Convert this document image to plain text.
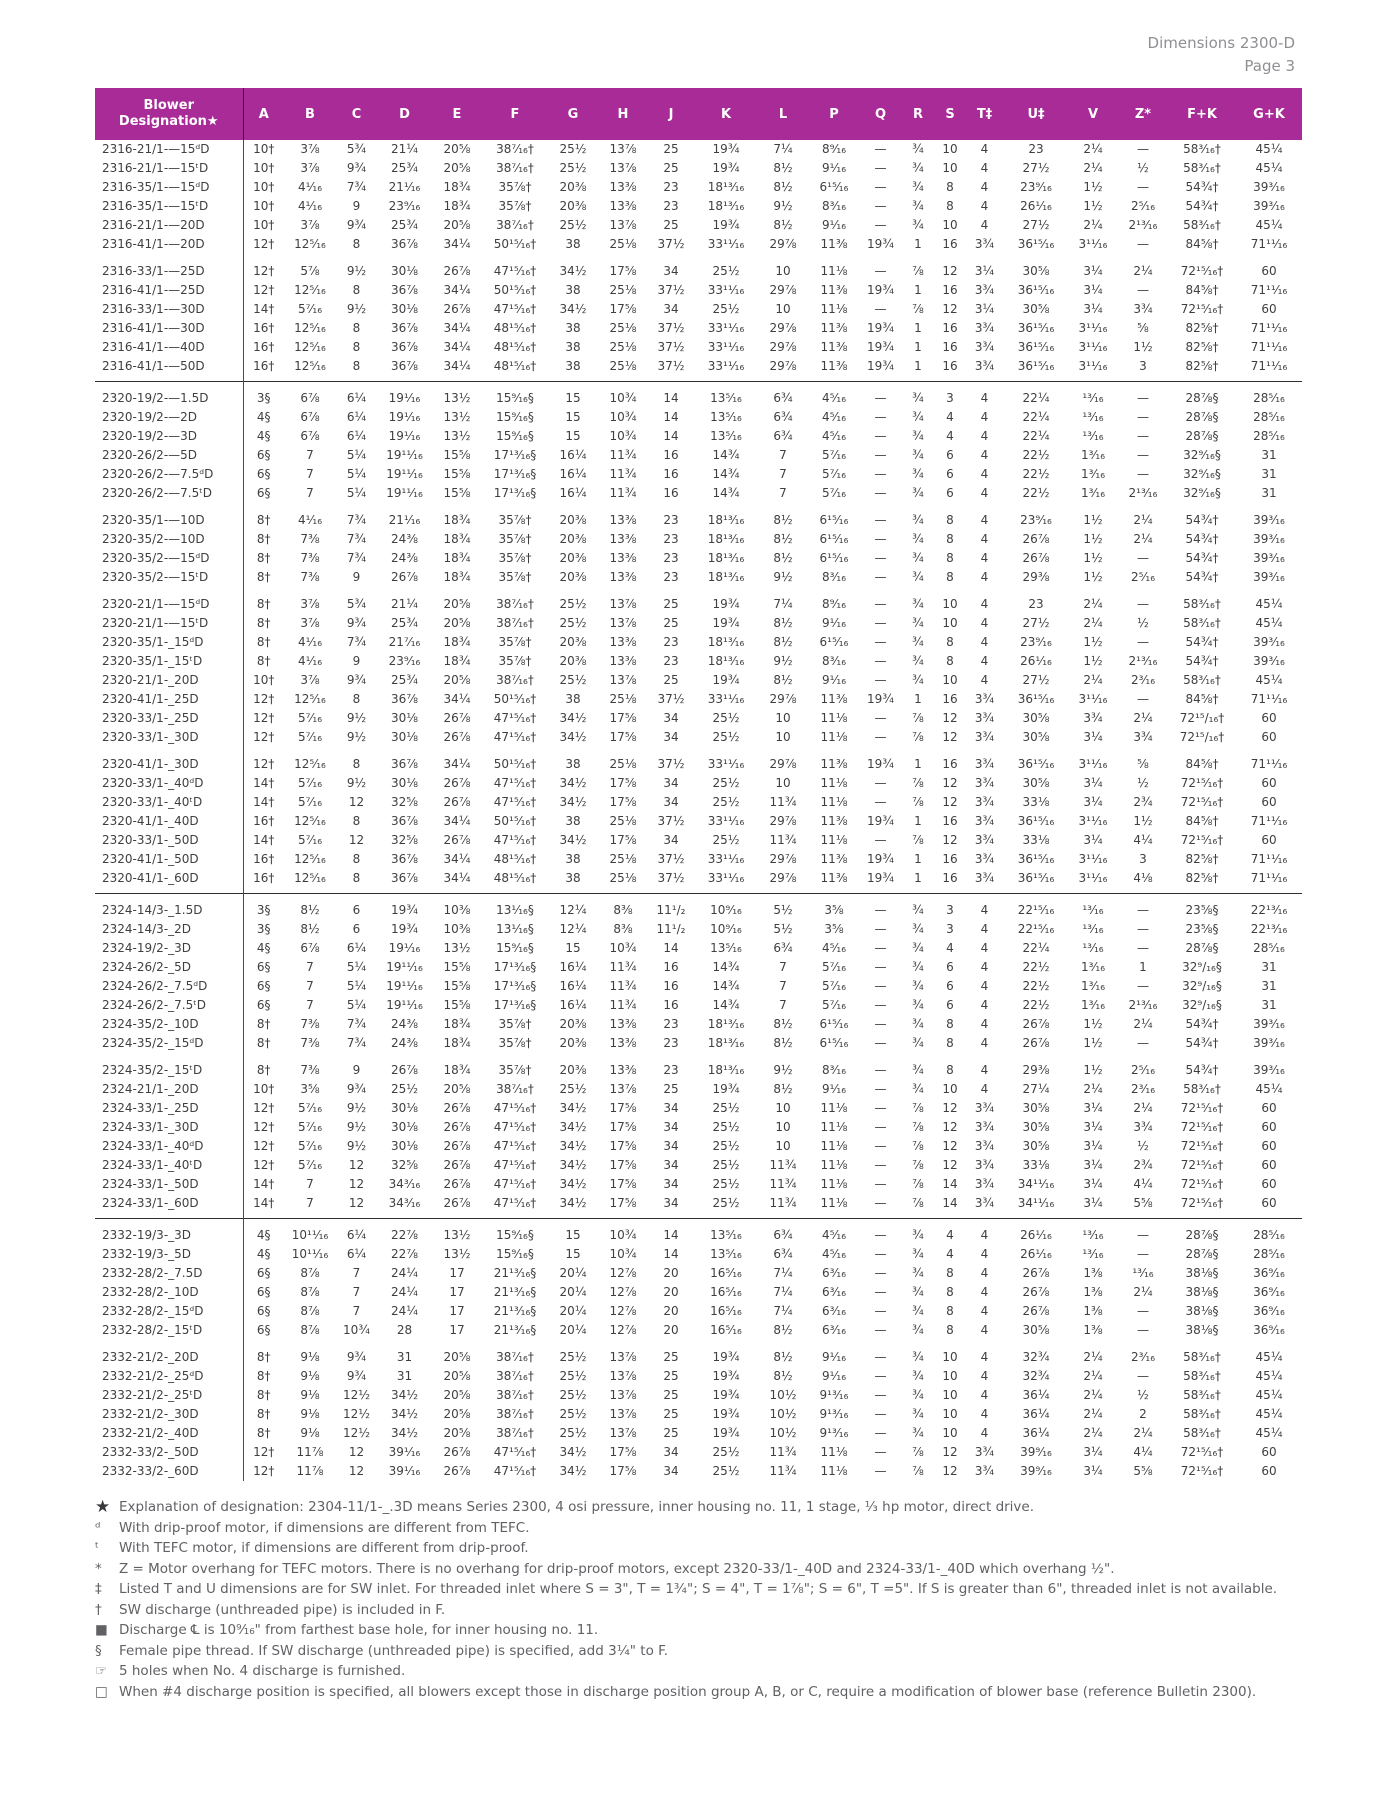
Dimensions 2300-D
Page 3
Blower
Designation★	A	B	C	D	E	F	G	H	J	K	L	P	Q	R	S	T‡	U‡	V	Z*	F+K	G+K
2316-21/1-—15ᵈD	10†	3⅞	5¾	21¼	20⅝	38⁷⁄₁₆†	25½	13⅞	25	19¾	7¼	8⁹⁄₁₆	—	¾	10	4	23	2¼	—	58³⁄₁₆†	45¼
2316-21/1-—15ᵗD	10†	3⅞	9¾	25¾	20⅝	38⁷⁄₁₆†	25½	13⅞	25	19¾	8½	9¹⁄₁₆	—	¾	10	4	27½	2¼	½	58³⁄₁₆†	45¼
2316-35/1-—15ᵈD	10†	4¹⁄₁₆	7¾	21¹⁄₁₆	18¾	35⅞†	20⅜	13⅜	23	18¹³⁄₁₆	8½	6¹⁵⁄₁₆	—	¾	8	4	23⁹⁄₁₆	1½	—	54¾†	39³⁄₁₆
2316-35/1-—15ᵗD	10†	4¹⁄₁₆	9	23⁹⁄₁₆	18¾	35⅞†	20⅜	13⅜	23	18¹³⁄₁₆	9½	8³⁄₁₆	—	¾	8	4	26¹⁄₁₆	1½	2⁵⁄₁₆	54¾†	39³⁄₁₆
2316-21/1-—20D	10†	3⅞	9¾	25¾	20⅝	38⁷⁄₁₆†	25½	13⅞	25	19¾	8½	9¹⁄₁₆	—	¾	10	4	27½	2¼	2¹³⁄₁₆	58³⁄₁₆†	45¼
2316-41/1-—20D	12†	12⁵⁄₁₆	8	36⅞	34¼	50¹⁵⁄₁₆†	38	25⅛	37½	33¹¹⁄₁₆	29⅞	11⅜	19¾	1	16	3¾	36¹⁵⁄₁₆	3¹¹⁄₁₆	—	84⅝†	71¹¹⁄₁₆

2316-33/1-—25D	12†	5⅞	9½	30⅛	26⅞	47¹⁵⁄₁₆†	34½	17⅝	34	25½	10	11⅛	—	⅞	12	3¼	30⅝	3¼	2¼	72¹⁵⁄₁₆†	60
2316-41/1-—25D	12†	12⁵⁄₁₆	8	36⅞	34¼	50¹⁵⁄₁₆†	38	25⅛	37½	33¹¹⁄₁₆	29⅞	11⅜	19¾	1	16	3¾	36¹⁵⁄₁₆	3¼	—	84⅝†	71¹¹⁄₁₆
2316-33/1-—30D	14†	5⁷⁄₁₆	9½	30⅛	26⅞	47¹⁵⁄₁₆†	34½	17⅝	34	25½	10	11⅛	—	⅞	12	3¼	30⅝	3¼	3¾	72¹⁵⁄₁₆†	60
2316-41/1-—30D	16†	12⁵⁄₁₆	8	36⅞	34¼	48¹⁵⁄₁₆†	38	25⅛	37½	33¹¹⁄₁₆	29⅞	11⅜	19¾	1	16	3¾	36¹⁵⁄₁₆	3¹¹⁄₁₆	⅝	82⅝†	71¹¹⁄₁₆
2316-41/1-—40D	16†	12⁵⁄₁₆	8	36⅞	34¼	48¹⁵⁄₁₆†	38	25⅛	37½	33¹¹⁄₁₆	29⅞	11⅜	19¾	1	16	3¾	36¹⁵⁄₁₆	3¹¹⁄₁₆	1½	82⅝†	71¹¹⁄₁₆
2316-41/1-—50D	16†	12⁵⁄₁₆	8	36⅞	34¼	48¹⁵⁄₁₆†	38	25⅛	37½	33¹¹⁄₁₆	29⅞	11⅜	19¾	1	16	3¾	36¹⁵⁄₁₆	3¹¹⁄₁₆	3	82⅝†	71¹¹⁄₁₆

2320-19/2-—1.5D	3§	6⅞	6¼	19¹⁄₁₆	13½	15⁹⁄₁₆§	15	10¾	14	13⁵⁄₁₆	6¾	4⁵⁄₁₆	—	¾	3	4	22¼	¹³⁄₁₆	—	28⅞§	28⁵⁄₁₆
2320-19/2-—2D	4§	6⅞	6¼	19¹⁄₁₆	13½	15⁹⁄₁₆§	15	10¾	14	13⁵⁄₁₆	6¾	4⁵⁄₁₆	—	¾	4	4	22¼	¹³⁄₁₆	—	28⅞§	28⁵⁄₁₆
2320-19/2-—3D	4§	6⅞	6¼	19¹⁄₁₆	13½	15⁹⁄₁₆§	15	10¾	14	13⁵⁄₁₆	6¾	4⁵⁄₁₆	—	¾	4	4	22¼	¹³⁄₁₆	—	28⅞§	28⁵⁄₁₆
2320-26/2-—5D	6§	7	5¼	19¹¹⁄₁₆	15⅝	17¹³⁄₁₆§	16¼	11¾	16	14¾	7	5⁷⁄₁₆	—	¾	6	4	22½	1³⁄₁₆	—	32⁹⁄₁₆§	31
2320-26/2-—7.5ᵈD	6§	7	5¼	19¹¹⁄₁₆	15⅝	17¹³⁄₁₆§	16¼	11¾	16	14¾	7	5⁷⁄₁₆	—	¾	6	4	22½	1³⁄₁₆	—	32⁹⁄₁₆§	31
2320-26/2-—7.5ᵗD	6§	7	5¼	19¹¹⁄₁₆	15⅝	17¹³⁄₁₆§	16¼	11¾	16	14¾	7	5⁷⁄₁₆	—	¾	6	4	22½	1³⁄₁₆	2¹³⁄₁₆	32⁹⁄₁₆§	31

2320-35/1-—10D	8†	4¹⁄₁₆	7¾	21¹⁄₁₆	18¾	35⅞†	20⅜	13⅜	23	18¹³⁄₁₆	8½	6¹⁵⁄₁₆	—	¾	8	4	23⁹⁄₁₆	1½	2¼	54¾†	39³⁄₁₆
2320-35/2-—10D	8†	7⅜	7¾	24⅜	18¾	35⅞†	20⅜	13⅜	23	18¹³⁄₁₆	8½	6¹⁵⁄₁₆	—	¾	8	4	26⅞	1½	2¼	54¾†	39³⁄₁₆
2320-35/2-—15ᵈD	8†	7⅜	7¾	24⅜	18¾	35⅞†	20⅜	13⅜	23	18¹³⁄₁₆	8½	6¹⁵⁄₁₆	—	¾	8	4	26⅞	1½	—	54¾†	39³⁄₁₆
2320-35/2-—15ᵗD	8†	7⅜	9	26⅞	18¾	35⅞†	20⅜	13⅜	23	18¹³⁄₁₆	9½	8³⁄₁₆	—	¾	8	4	29⅜	1½	2⁵⁄₁₆	54¾†	39³⁄₁₆

2320-21/1-—15ᵈD	8†	3⅞	5¾	21¼	20⅝	38⁷⁄₁₆†	25½	13⅞	25	19¾	7¼	8⁹⁄₁₆	—	¾	10	4	23	2¼	—	58³⁄₁₆†	45¼
2320-21/1-—15ᵗD	8†	3⅞	9¾	25¾	20⅝	38⁷⁄₁₆†	25½	13⅞	25	19¾	8½	9¹⁄₁₆	—	¾	10	4	27½	2¼	½	58³⁄₁₆†	45¼
2320-35/1-_15ᵈD	8†	4¹⁄₁₆	7¾	21⁷⁄₁₆	18¾	35⅞†	20⅜	13⅜	23	18¹³⁄₁₆	8½	6¹⁵⁄₁₆	—	¾	8	4	23⁹⁄₁₆	1½	—	54¾†	39³⁄₁₆
2320-35/1-_15ᵗD	8†	4¹⁄₁₆	9	23⁹⁄₁₆	18¾	35⅞†	20⅜	13⅜	23	18¹³⁄₁₆	9½	8³⁄₁₆	—	¾	8	4	26¹⁄₁₆	1½	2¹³⁄₁₆	54¾†	39³⁄₁₆
2320-21/1-_20D	10†	3⅞	9¾	25¾	20⅝	38⁷⁄₁₆†	25½	13⅞	25	19¾	8½	9¹⁄₁₆	—	¾	10	4	27½	2¼	2³⁄₁₆	58³⁄₁₆†	45¼
2320-41/1-_25D	12†	12⁵⁄₁₆	8	36⅞	34¼	50¹⁵⁄₁₆†	38	25⅛	37½	33¹¹⁄₁₆	29⅞	11⅜	19¾	1	16	3¾	36¹⁵⁄₁₆	3¹¹⁄₁₆	—	84⅝†	71¹¹⁄₁₆
2320-33/1-_25D	12†	5⁷⁄₁₆	9½	30⅛	26⅞	47¹⁵⁄₁₆†	34½	17⅝	34	25½	10	11⅛	—	⅞	12	3¾	30⅝	3¾	2¼	72¹⁵/₁₆†	60
2320-33/1-_30D	12†	5⁷⁄₁₆	9½	30⅛	26⅞	47¹⁵⁄₁₆†	34½	17⅝	34	25½	10	11⅛	—	⅞	12	3¾	30⅝	3¼	3¾	72¹⁵/₁₆†	60

2320-41/1-_30D	12†	12⁵⁄₁₆	8	36⅞	34¼	50¹⁵⁄₁₆†	38	25⅛	37½	33¹¹⁄₁₆	29⅞	11⅜	19¾	1	16	3¾	36¹⁵⁄₁₆	3¹¹⁄₁₆	⅝	84⅝†	71¹¹⁄₁₆
2320-33/1-_40ᵈD	14†	5⁷⁄₁₆	9½	30⅛	26⅞	47¹⁵⁄₁₆†	34½	17⅝	34	25½	10	11⅛	—	⅞	12	3¾	30⅝	3¼	½	72¹⁵⁄₁₆†	60
2320-33/1-_40ᵗD	14†	5⁷⁄₁₆	12	32⅝	26⅞	47¹⁵⁄₁₆†	34½	17⅝	34	25½	11¾	11⅛	—	⅞	12	3¾	33⅛	3¼	2¾	72¹⁵⁄₁₆†	60
2320-41/1-_40D	16†	12⁵⁄₁₆	8	36⅞	34¼	50¹⁵⁄₁₆†	38	25⅛	37½	33¹¹⁄₁₆	29⅞	11⅜	19¾	1	16	3¾	36¹⁵⁄₁₆	3¹¹⁄₁₆	1½	84⅝†	71¹¹⁄₁₆
2320-33/1-_50D	14†	5⁷⁄₁₆	12	32⅝	26⅞	47¹⁵⁄₁₆†	34½	17⅝	34	25½	11¾	11⅛	—	⅞	12	3¾	33⅛	3¼	4¼	72¹⁵⁄₁₆†	60
2320-41/1-_50D	16†	12⁵⁄₁₆	8	36⅞	34¼	48¹⁵⁄₁₆†	38	25⅛	37½	33¹¹⁄₁₆	29⅞	11⅜	19¾	1	16	3¾	36¹⁵⁄₁₆	3¹¹⁄₁₆	3	82⅝†	71¹¹⁄₁₆
2320-41/1-_60D	16†	12⁵⁄₁₆	8	36⅞	34¼	48¹⁵⁄₁₆†	38	25⅛	37½	33¹¹⁄₁₆	29⅞	11⅜	19¾	1	16	3¾	36¹⁵⁄₁₆	3¹¹⁄₁₆	4⅛	82⅝†	71¹¹⁄₁₆

2324-14/3-_1.5D	3§	8½	6	19¾	10⅜	13¹⁄₁₆§	12¼	8⅜	11¹/₂	10⁹⁄₁₆	5½	3⅝	—	¾	3	4	22¹⁵⁄₁₆	¹³⁄₁₆	—	23⅝§	22¹³⁄₁₆
2324-14/3-_2D	3§	8½	6	19¾	10⅜	13¹⁄₁₆§	12¼	8⅜	11¹/₂	10⁹⁄₁₆	5½	3⅝	—	¾	3	4	22¹⁵⁄₁₆	¹³⁄₁₆	—	23⅝§	22¹³⁄₁₆
2324-19/2-_3D	4§	6⅞	6¼	19¹⁄₁₆	13½	15⁹⁄₁₆§	15	10¾	14	13⁵⁄₁₆	6¾	4⁵⁄₁₆	—	¾	4	4	22¼	¹³⁄₁₆	—	28⅞§	28⁵⁄₁₆
2324-26/2-_5D	6§	7	5¼	19¹¹⁄₁₆	15⅝	17¹³⁄₁₆§	16¼	11¾	16	14¾	7	5⁷⁄₁₆	—	¾	6	4	22½	1³⁄₁₆	1	32⁹/₁₆§	31
2324-26/2-_7.5ᵈD	6§	7	5¼	19¹¹⁄₁₆	15⅝	17¹³⁄₁₆§	16¼	11¾	16	14¾	7	5⁷⁄₁₆	—	¾	6	4	22½	1³⁄₁₆	—	32⁹/₁₆§	31
2324-26/2-_7.5ᵗD	6§	7	5¼	19¹¹⁄₁₆	15⅝	17¹³⁄₁₆§	16¼	11¾	16	14¾	7	5⁷⁄₁₆	—	¾	6	4	22½	1³⁄₁₆	2¹³⁄₁₆	32⁹/₁₆§	31
2324-35/2-_10D	8†	7⅜	7¾	24⅜	18¾	35⅞†	20⅜	13⅜	23	18¹³⁄₁₆	8½	6¹⁵⁄₁₆	—	¾	8	4	26⅞	1½	2¼	54¾†	39³⁄₁₆
2324-35/2-_15ᵈD	8†	7⅜	7¾	24⅜	18¾	35⅞†	20⅜	13⅜	23	18¹³⁄₁₆	8½	6¹⁵⁄₁₆	—	¾	8	4	26⅞	1½	—	54¾†	39³⁄₁₆

2324-35/2-_15ᵗD	8†	7⅜	9	26⅞	18¾	35⅞†	20⅜	13⅜	23	18¹³⁄₁₆	9½	8³⁄₁₆	—	¾	8	4	29⅜	1½	2⁵⁄₁₆	54¾†	39³⁄₁₆
2324-21/1-_20D	10†	3⅝	9¾	25½	20⅝	38⁷⁄₁₆†	25½	13⅞	25	19¾	8½	9¹⁄₁₆	—	¾	10	4	27¼	2¼	2³⁄₁₆	58³⁄₁₆†	45¼
2324-33/1-_25D	12†	5⁷⁄₁₆	9½	30⅛	26⅞	47¹⁵⁄₁₆†	34½	17⅝	34	25½	10	11⅛	—	⅞	12	3¾	30⅝	3¼	2¼	72¹⁵⁄₁₆†	60
2324-33/1-_30D	12†	5⁷⁄₁₆	9½	30⅛	26⅞	47¹⁵⁄₁₆†	34½	17⅝	34	25½	10	11⅛	—	⅞	12	3¾	30⅝	3¼	3¾	72¹⁵⁄₁₆†	60
2324-33/1-_40ᵈD	12†	5⁷⁄₁₆	9½	30⅛	26⅞	47¹⁵⁄₁₆†	34½	17⅝	34	25½	10	11⅛	—	⅞	12	3¾	30⅝	3¼	½	72¹⁵⁄₁₆†	60
2324-33/1-_40ᵗD	12†	5⁷⁄₁₆	12	32⅝	26⅞	47¹⁵⁄₁₆†	34½	17⅝	34	25½	11¾	11⅛	—	⅞	12	3¾	33⅛	3¼	2¾	72¹⁵⁄₁₆†	60
2324-33/1-_50D	14†	7	12	34³⁄₁₆	26⅞	47¹⁵⁄₁₆†	34½	17⅝	34	25½	11¾	11⅛	—	⅞	14	3¾	34¹¹⁄₁₆	3¼	4¼	72¹⁵⁄₁₆†	60
2324-33/1-_60D	14†	7	12	34³⁄₁₆	26⅞	47¹⁵⁄₁₆†	34½	17⅝	34	25½	11¾	11⅛	—	⅞	14	3¾	34¹¹⁄₁₆	3¼	5⅝	72¹⁵⁄₁₆†	60

2332-19/3-_3D	4§	10¹¹⁄₁₆	6¼	22⅞	13½	15⁹⁄₁₆§	15	10¾	14	13⁵⁄₁₆	6¾	4⁵⁄₁₆	—	¾	4	4	26¹⁄₁₆	¹³⁄₁₆	—	28⅞§	28⁵⁄₁₆
2332-19/3-_5D	4§	10¹¹⁄₁₆	6¼	22⅞	13½	15⁹⁄₁₆§	15	10¾	14	13⁵⁄₁₆	6¾	4⁵⁄₁₆	—	¾	4	4	26¹⁄₁₆	¹³⁄₁₆	—	28⅞§	28⁵⁄₁₆
2332-28/2-_7.5D	6§	8⅞	7	24¼	17	21¹³⁄₁₆§	20¼	12⅞	20	16⁵⁄₁₆	7¼	6³⁄₁₆	—	¾	8	4	26⅞	1⅜	¹³⁄₁₆	38⅛§	36⁹⁄₁₆
2332-28/2-_10D	6§	8⅞	7	24¼	17	21¹³⁄₁₆§	20¼	12⅞	20	16⁵⁄₁₆	7¼	6³⁄₁₆	—	¾	8	4	26⅞	1⅜	2¼	38⅛§	36⁹⁄₁₆
2332-28/2-_15ᵈD	6§	8⅞	7	24¼	17	21¹³⁄₁₆§	20¼	12⅞	20	16⁵⁄₁₆	7¼	6³⁄₁₆	—	¾	8	4	26⅞	1⅜	—	38⅛§	36⁹⁄₁₆
2332-28/2-_15ᵗD	6§	8⅞	10¾	28	17	21¹³⁄₁₆§	20¼	12⅞	20	16⁵⁄₁₆	8½	6³⁄₁₆	—	¾	8	4	30⅝	1⅜	—	38⅛§	36⁹⁄₁₆

2332-21/2-_20D	8†	9⅛	9¾	31	20⅝	38⁷⁄₁₆†	25½	13⅞	25	19¾	8½	9¹⁄₁₆	—	¾	10	4	32¾	2¼	2³⁄₁₆	58³⁄₁₆†	45¼
2332-21/2-_25ᵈD	8†	9⅛	9¾	31	20⅝	38⁷⁄₁₆†	25½	13⅞	25	19¾	8½	9¹⁄₁₆	—	¾	10	4	32¾	2¼	—	58³⁄₁₆†	45¼
2332-21/2-_25ᵗD	8†	9⅛	12½	34½	20⅝	38⁷⁄₁₆†	25½	13⅞	25	19¾	10½	9¹³⁄₁₆	—	¾	10	4	36¼	2¼	½	58³⁄₁₆†	45¼
2332-21/2-_30D	8†	9⅛	12½	34½	20⅝	38⁷⁄₁₆†	25½	13⅞	25	19¾	10½	9¹³⁄₁₆	—	¾	10	4	36¼	2¼	2	58³⁄₁₆†	45¼
2332-21/2-_40D	8†	9⅛	12½	34½	20⅝	38⁷⁄₁₆†	25½	13⅞	25	19¾	10½	9¹³⁄₁₆	—	¾	10	4	36¼	2¼	2¼	58³⁄₁₆†	45¼
2332-33/2-_50D	12†	11⅞	12	39¹⁄₁₆	26⅞	47¹⁵⁄₁₆†	34½	17⅝	34	25½	11¾	11⅛	—	⅞	12	3¾	39⁹⁄₁₆	3¼	4¼	72¹⁵⁄₁₆†	60
2332-33/2-_60D	12†	11⅞	12	39¹⁄₁₆	26⅞	47¹⁵⁄₁₆†	34½	17⅝	34	25½	11¾	11⅛	—	⅞	12	3¾	39⁹⁄₁₆	3¼	5⅝	72¹⁵⁄₁₆†	60
★ Explanation of designation: 2304-11/1-_.3D means Series 2300, 4 osi pressure, inner housing no. 11, 1 stage, ⅓ hp motor, direct drive.
ᵈ	With drip-proof motor, if dimensions are different from TEFC.
ᵗ	With TEFC motor, if dimensions are different from drip-proof.
*	Z = Motor overhang for TEFC motors. There is no overhang for drip-proof motors, except 2320-33/1-_40D and 2324-33/1-_40D which overhang ½".
‡	Listed T and U dimensions are for SW inlet. For threaded inlet where S = 3", T = 1¾"; S = 4", T = 1⅞"; S = 6", T =5". If S is greater than 6", threaded inlet is not available.
†	SW discharge (unthreaded pipe) is included in F.
■ Discharge ℄ is 10⁹⁄₁₆" from farthest base hole, for inner housing no. 11.
§	Female pipe thread. If SW discharge (unthreaded pipe) is specified, add 3¼" to F.
☞ 5 holes when No. 4 discharge is furnished.
□ When #4 discharge position is specified, all blowers except those in discharge position group A, B, or C, require a modification of blower base (reference Bulletin 2300).
